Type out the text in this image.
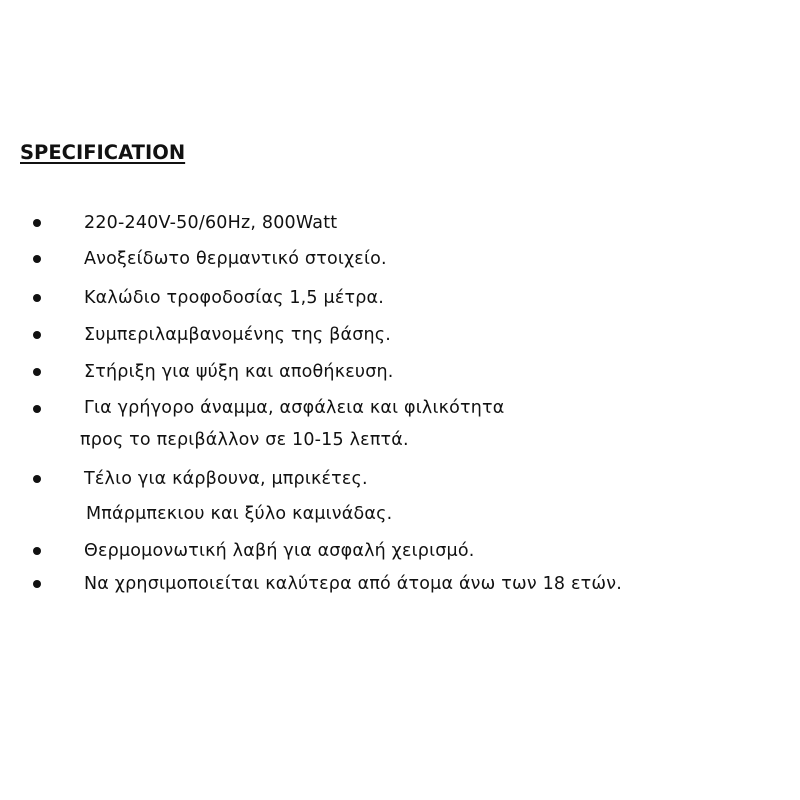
SPECIFICATION
220-240V-50/60Hz, 800Watt
Ανοξείδωτο θερμαντικό στοιχείο.
Καλώδιο τροφοδοσίας 1,5 μέτρα.
Συμπεριλαμβανομένης της βάσης.
Στήριξη για ψύξη και αποθήκευση.
Για γρήγορο άναμμα, ασφάλεια και φιλικότητα
προς το περιβάλλον σε 10-15 λεπτά.
Τέλιο για κάρβουνα, μπρικέτες.
Μπάρμπεκιου και ξύλο καμινάδας.
Θερμομονωτική λαβή για ασφαλή χειρισμό.
Να χρησιμοποιείται καλύτερα από άτομα άνω των 18 ετών.
